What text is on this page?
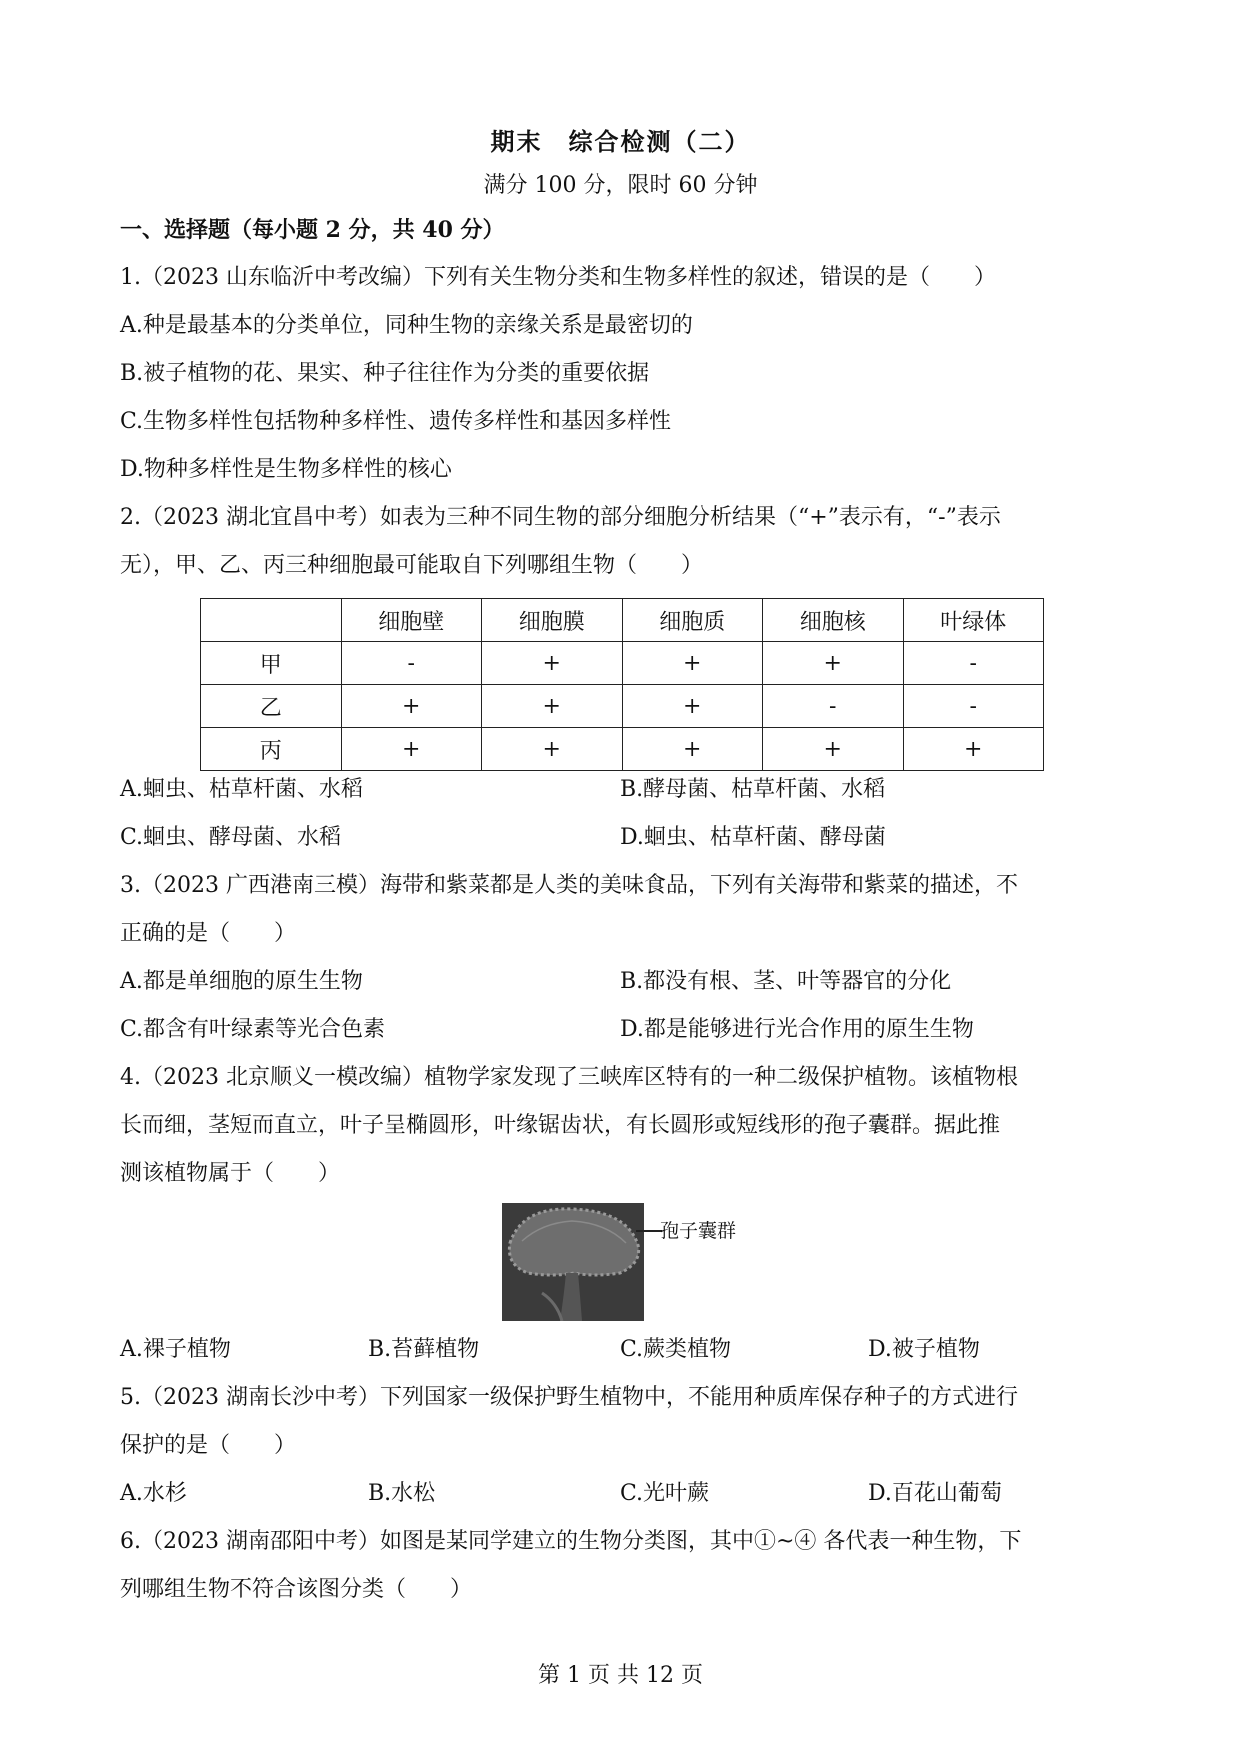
期末　综合检测（二）
满分 100 分，限时 60 分钟
一、选择题（每小题 2 分，共 40 分）
1.（2023 山东临沂中考改编）下列有关生物分类和生物多样性的叙述，错误的是（　　）
A.种是最基本的分类单位，同种生物的亲缘关系是最密切的
B.被子植物的花、果实、种子往往作为分类的重要依据
C.生物多样性包括物种多样性、遗传多样性和基因多样性
D.物种多样性是生物多样性的核心
2.（2023 湖北宜昌中考）如表为三种不同生物的部分细胞分析结果（“+”表示有，“-”表示
无），甲、乙、丙三种细胞最可能取自下列哪组生物（　　）
	细胞壁	细胞膜	细胞质	细胞核	叶绿体
甲	-	+	+	+	-
乙	+	+	+	-	-
丙	+	+	+	+	+
A.蛔虫、枯草杆菌、水稻	B.酵母菌、枯草杆菌、水稻
C.蛔虫、酵母菌、水稻	D.蛔虫、枯草杆菌、酵母菌
3.（2023 广西港南三模）海带和紫菜都是人类的美味食品，下列有关海带和紫菜的描述，不
正确的是（　　）
A.都是单细胞的原生生物	B.都没有根、茎、叶等器官的分化
C.都含有叶绿素等光合色素	D.都是能够进行光合作用的原生生物
4.（2023 北京顺义一模改编）植物学家发现了三峡库区特有的一种二级保护植物。该植物根
长而细，茎短而直立，叶子呈椭圆形，叶缘锯齿状，有长圆形或短线形的孢子囊群。据此推
测该植物属于（　　）
孢子囊群
A.裸子植物	B.苔藓植物	C.蕨类植物	D.被子植物
5.（2023 湖南长沙中考）下列国家一级保护野生植物中，不能用种质库保存种子的方式进行
保护的是（　　）
A.水杉	B.水松	C.光叶蕨	D.百花山葡萄
6.（2023 湖南邵阳中考）如图是某同学建立的生物分类图，其中①~④ 各代表一种生物，下
列哪组生物不符合该图分类（　　）
第 1 页 共 12 页
